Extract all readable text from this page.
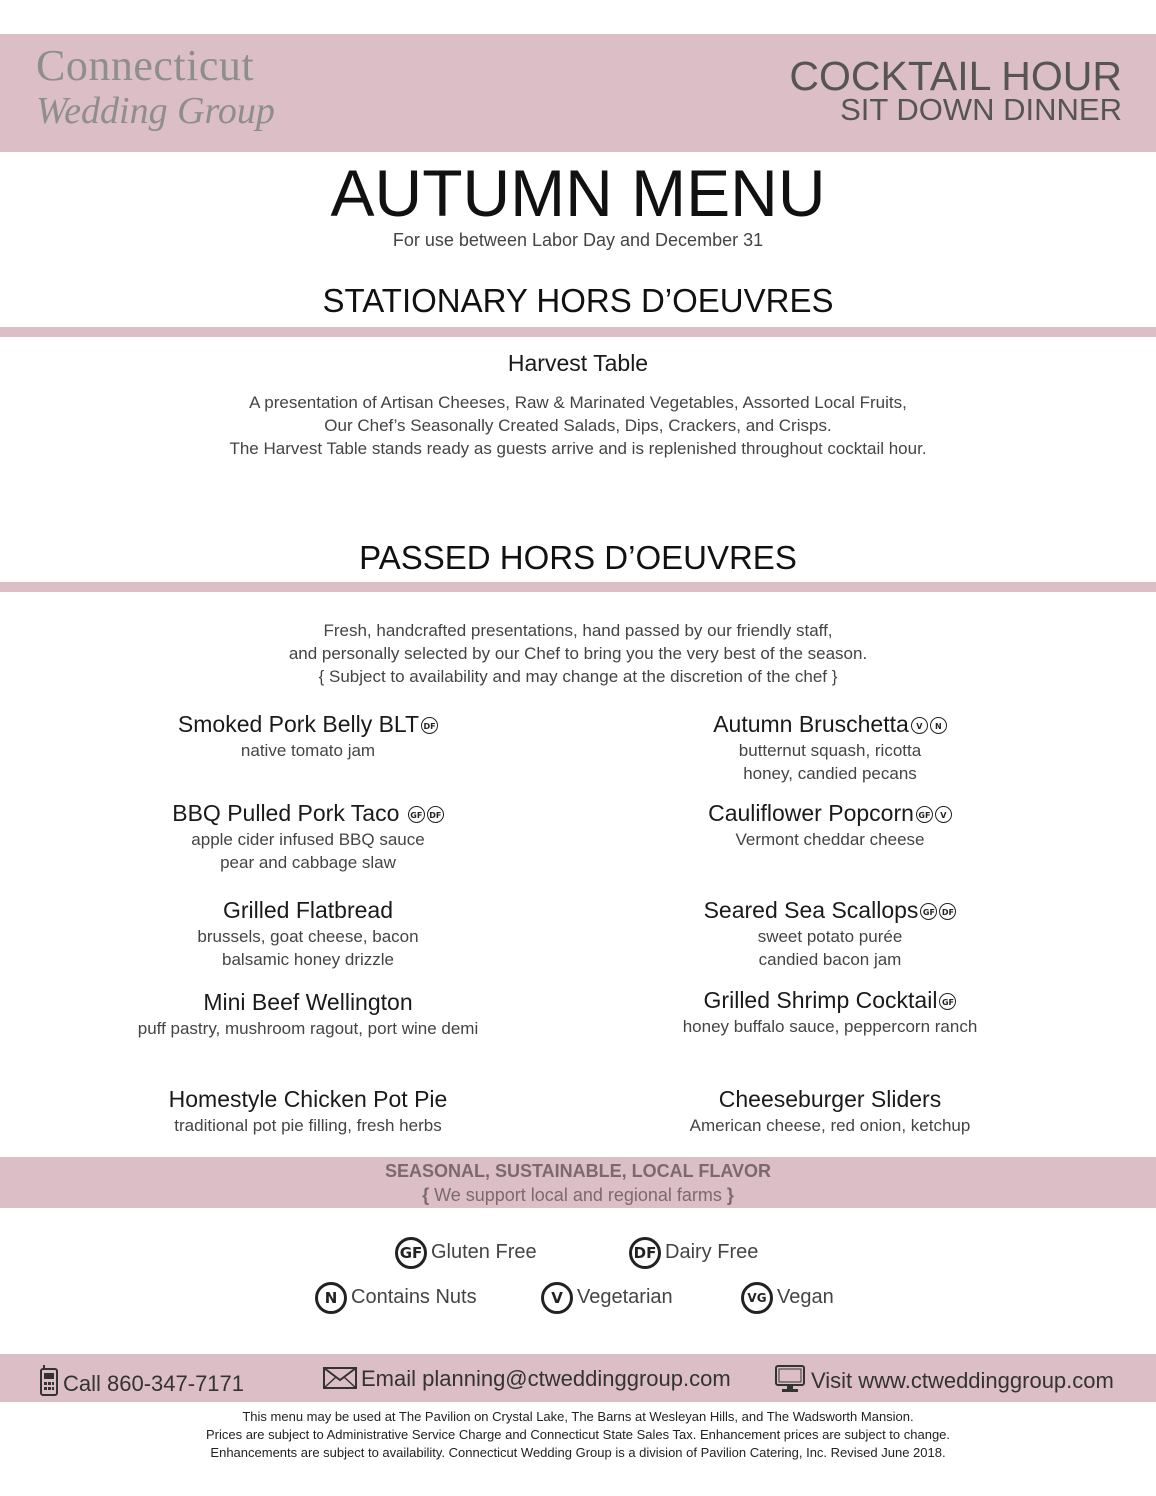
Connecticut
Wedding Group
COCKTAIL HOUR
SIT DOWN DINNER
AUTUMN MENU
For use between Labor Day and December 31
STATIONARY HORS D’OEUVRES
Harvest Table
A presentation of Artisan Cheeses, Raw & Marinated Vegetables, Assorted Local Fruits,
Our Chef’s Seasonally Created Salads, Dips, Crackers, and Crisps.
The Harvest Table stands ready as guests arrive and is replenished throughout cocktail hour.
PASSED HORS D’OEUVRES
Fresh, handcrafted presentations, hand passed by our friendly staff,
and personally selected by our Chef to bring you the very best of the season.
{ Subject to availability and may change at the discretion of the chef }
Smoked Pork Belly BLT DF
native tomato jam
BBQ Pulled Pork Taco GF DF
apple cider infused BBQ sauce
pear and cabbage slaw
Grilled Flatbread
brussels, goat cheese, bacon
balsamic honey drizzle
Mini Beef Wellington
puff pastry, mushroom ragout, port wine demi
Homestyle Chicken Pot Pie
traditional pot pie filling, fresh herbs
Autumn Bruschetta V N
butternut squash, ricotta
honey, candied pecans
Cauliflower Popcorn GF V
Vermont cheddar cheese
Seared Sea Scallops GF DF
sweet potato purée
candied bacon jam
Grilled Shrimp Cocktail GF
honey buffalo sauce, peppercorn ranch
Cheeseburger Sliders
American cheese, red onion, ketchup
SEASONAL, SUSTAINABLE, LOCAL FLAVOR
{ We support local and regional farms }
GF Gluten Free	DF Dairy Free
N Contains Nuts	V Vegetarian	VG Vegan
Call 860-347-7171	Email planning@ctweddinggroup.com	Visit www.ctweddinggroup.com
This menu may be used at The Pavilion on Crystal Lake, The Barns at Wesleyan Hills, and The Wadsworth Mansion.
Prices are subject to Administrative Service Charge and Connecticut State Sales Tax. Enhancement prices are subject to change.
Enhancements are subject to availability. Connecticut Wedding Group is a division of Pavilion Catering, Inc. Revised June 2018.
